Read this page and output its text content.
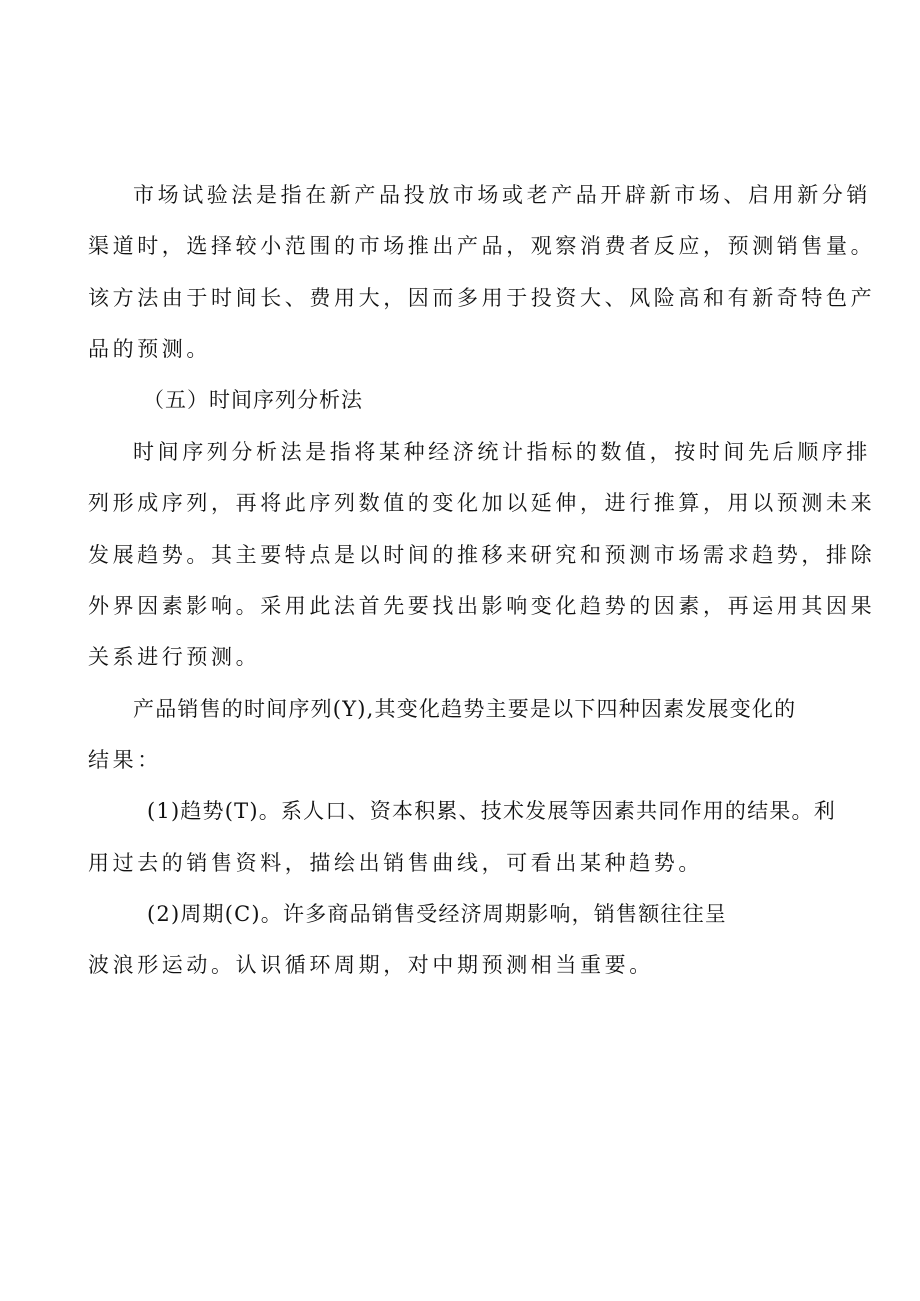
市场试验法是指在新产品投放市场或老产品开辟新市场、启用新分销
渠道时，选择较小范围的市场推出产品，观察消费者反应，预测销售量。
该方法由于时间长、费用大，因而多用于投资大、风险高和有新奇特色产
品的预测。
（五）时间序列分析法
时间序列分析法是指将某种经济统计指标的数值，按时间先后顺序排
列形成序列，再将此序列数值的变化加以延伸，进行推算，用以预测未来
发展趋势。其主要特点是以时间的推移来研究和预测市场需求趋势，排除
外界因素影响。采用此法首先要找出影响变化趋势的因素，再运用其因果
关系进行预测。
产品销售的时间序列(Y),其变化趋势主要是以下四种因素发展变化的
结果：
(1)趋势(T)。系人口、资本积累、技术发展等因素共同作用的结果。利
用过去的销售资料，描绘出销售曲线，可看出某种趋势。
(2)周期(C)。许多商品销售受经济周期影响，销售额往往呈
波浪形运动。认识循环周期，对中期预测相当重要。
